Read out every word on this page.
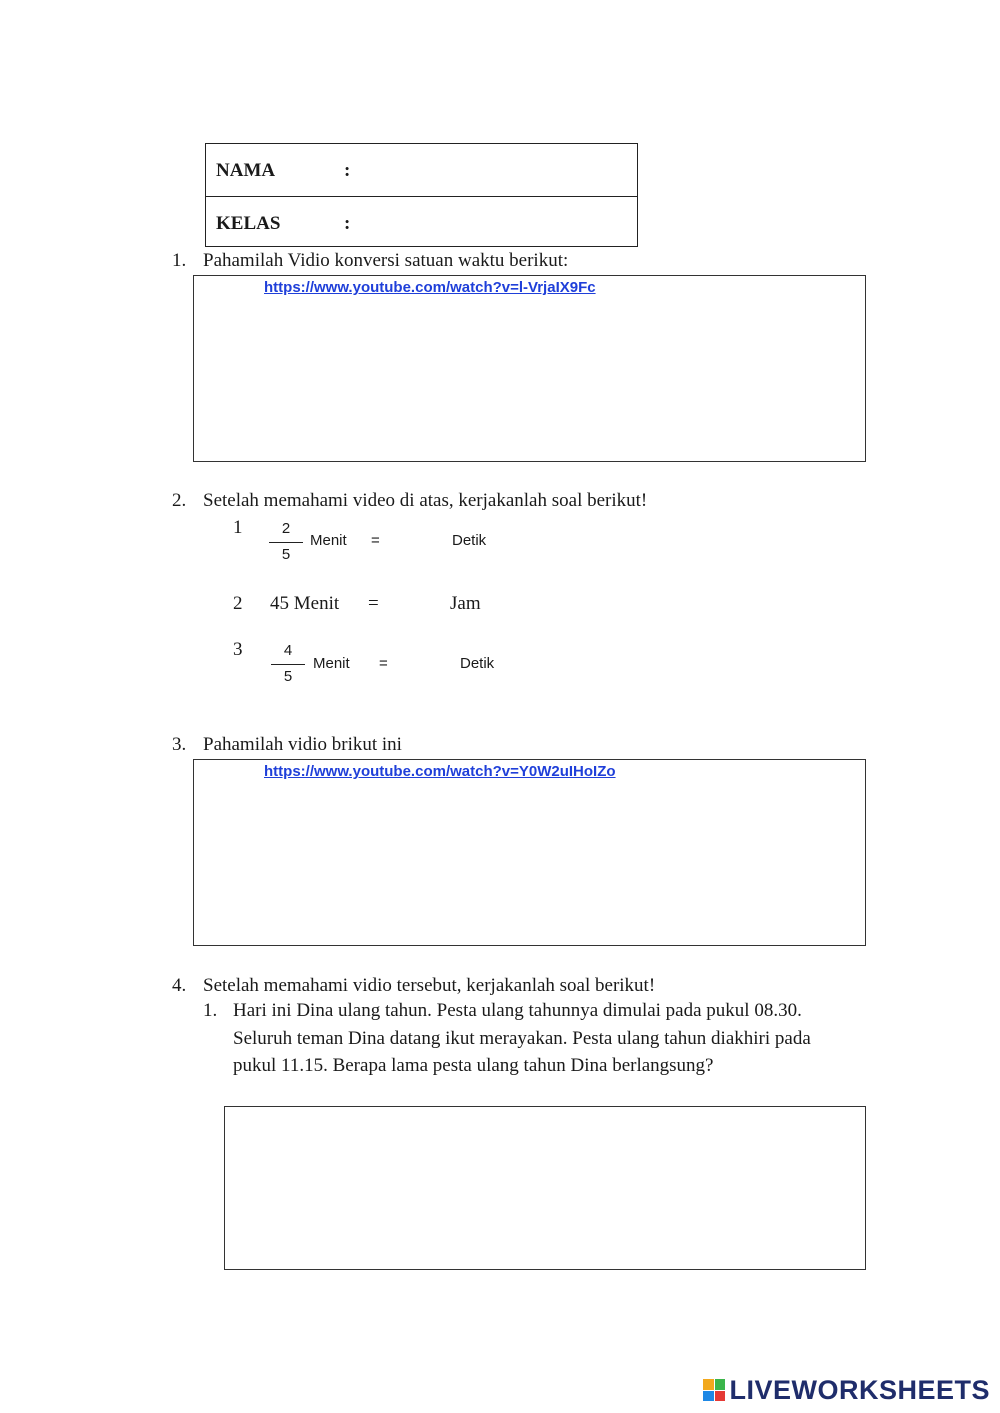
NAMA	:
KELAS	:
1. Pahamilah Vidio konversi satuan waktu berikut:
https://www.youtube.com/watch?v=l-VrjaIX9Fc
2. Setelah memahami video di atas, kerjakanlah soal berikut!
1	2
5
Menit =	Detik
2 45 Menit =	Jam
3	4
5
Menit =	Detik
3. Pahamilah vidio brikut ini
https://www.youtube.com/watch?v=Y0W2uIHoIZo
4. Setelah memahami vidio tersebut, kerjakanlah soal berikut!
1. Hari ini Dina ulang tahun. Pesta ulang tahunnya dimulai pada pukul 08.30.
Seluruh teman Dina datang ikut merayakan. Pesta ulang tahun diakhiri pada
pukul 11.15. Berapa lama pesta ulang tahun Dina berlangsung?
LIVEWORKSHEETS
